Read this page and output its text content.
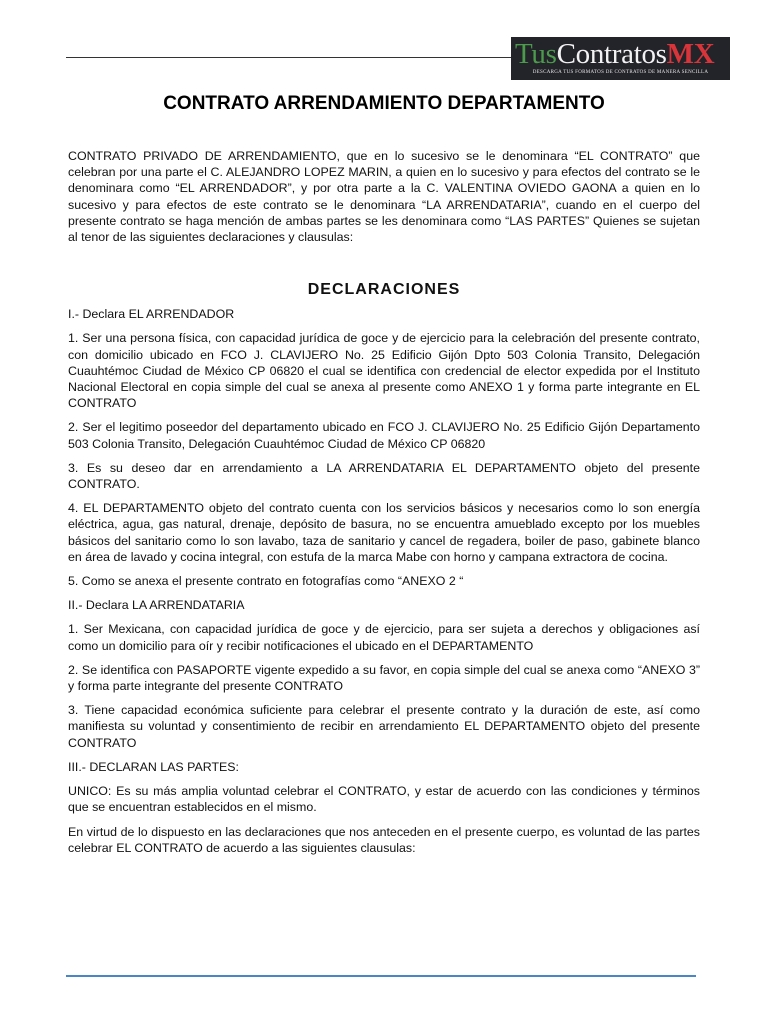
TusContratosMX
DESCARGA TUS FORMATOS DE CONTRATOS DE MANERA SENCILLA
CONTRATO ARRENDAMIENTO DEPARTAMENTO

CONTRATO PRIVADO DE ARRENDAMIENTO, que en lo sucesivo se le denominara “EL CONTRATO” que celebran por una parte el C. ALEJANDRO LOPEZ MARIN, a quien en lo sucesivo y para efectos del contrato se le denominara como “EL ARRENDADOR”, y por otra parte a la C. VALENTINA OVIEDO GAONA a quien en lo sucesivo y para efectos de este contrato se le denominara “LA ARRENDATARIA”, cuando en el cuerpo del presente contrato se haga mención de ambas partes se les denominara como “LAS PARTES” Quienes se sujetan al tenor de las siguientes declaraciones y clausulas:

DECLARACIONES

I.- Declara EL ARRENDADOR

1. Ser una persona física, con capacidad jurídica de goce y de ejercicio para la celebración del presente contrato, con domicilio ubicado en FCO J. CLAVIJERO No. 25 Edificio Gijón Dpto 503 Colonia Transito, Delegación Cuauhtémoc Ciudad de México CP 06820 el cual se identifica con credencial de elector expedida por el Instituto Nacional Electoral en copia simple del cual se anexa al presente como ANEXO 1 y forma parte integrante en EL CONTRATO

2. Ser el legitimo poseedor del departamento ubicado en FCO J. CLAVIJERO No. 25 Edificio Gijón Departamento 503 Colonia Transito, Delegación Cuauhtémoc Ciudad de México CP 06820

3. Es su deseo dar en arrendamiento a LA ARRENDATARIA EL DEPARTAMENTO objeto del presente CONTRATO.

4. EL DEPARTAMENTO objeto del contrato cuenta con los servicios básicos y necesarios como lo son energía eléctrica, agua, gas natural, drenaje, depósito de basura, no se encuentra amueblado excepto por los muebles básicos del sanitario como lo son lavabo, taza de sanitario y cancel de regadera, boiler de paso, gabinete blanco en área de lavado y cocina integral, con estufa de la marca Mabe con horno y campana extractora de cocina.

5. Como se anexa el presente contrato en fotografías como “ANEXO 2 “

II.- Declara LA ARRENDATARIA

1. Ser Mexicana, con capacidad jurídica de goce y de ejercicio, para ser sujeta a derechos y obligaciones así como un domicilio para oír y recibir notificaciones el ubicado en el DEPARTAMENTO

2. Se identifica con PASAPORTE vigente expedido a su favor, en copia simple del cual se anexa como “ANEXO 3” y forma parte integrante del presente CONTRATO

3. Tiene capacidad económica suficiente para celebrar el presente contrato y la duración de este, así como manifiesta su voluntad y consentimiento de recibir en arrendamiento EL DEPARTAMENTO objeto del presente CONTRATO

III.- DECLARAN LAS PARTES:

UNICO: Es su más amplia voluntad celebrar el CONTRATO, y estar de acuerdo con las condiciones y términos que se encuentran establecidos en el mismo.

En virtud de lo dispuesto en las declaraciones que nos anteceden en el presente cuerpo, es voluntad de las partes celebrar EL CONTRATO de acuerdo a las siguientes clausulas:
